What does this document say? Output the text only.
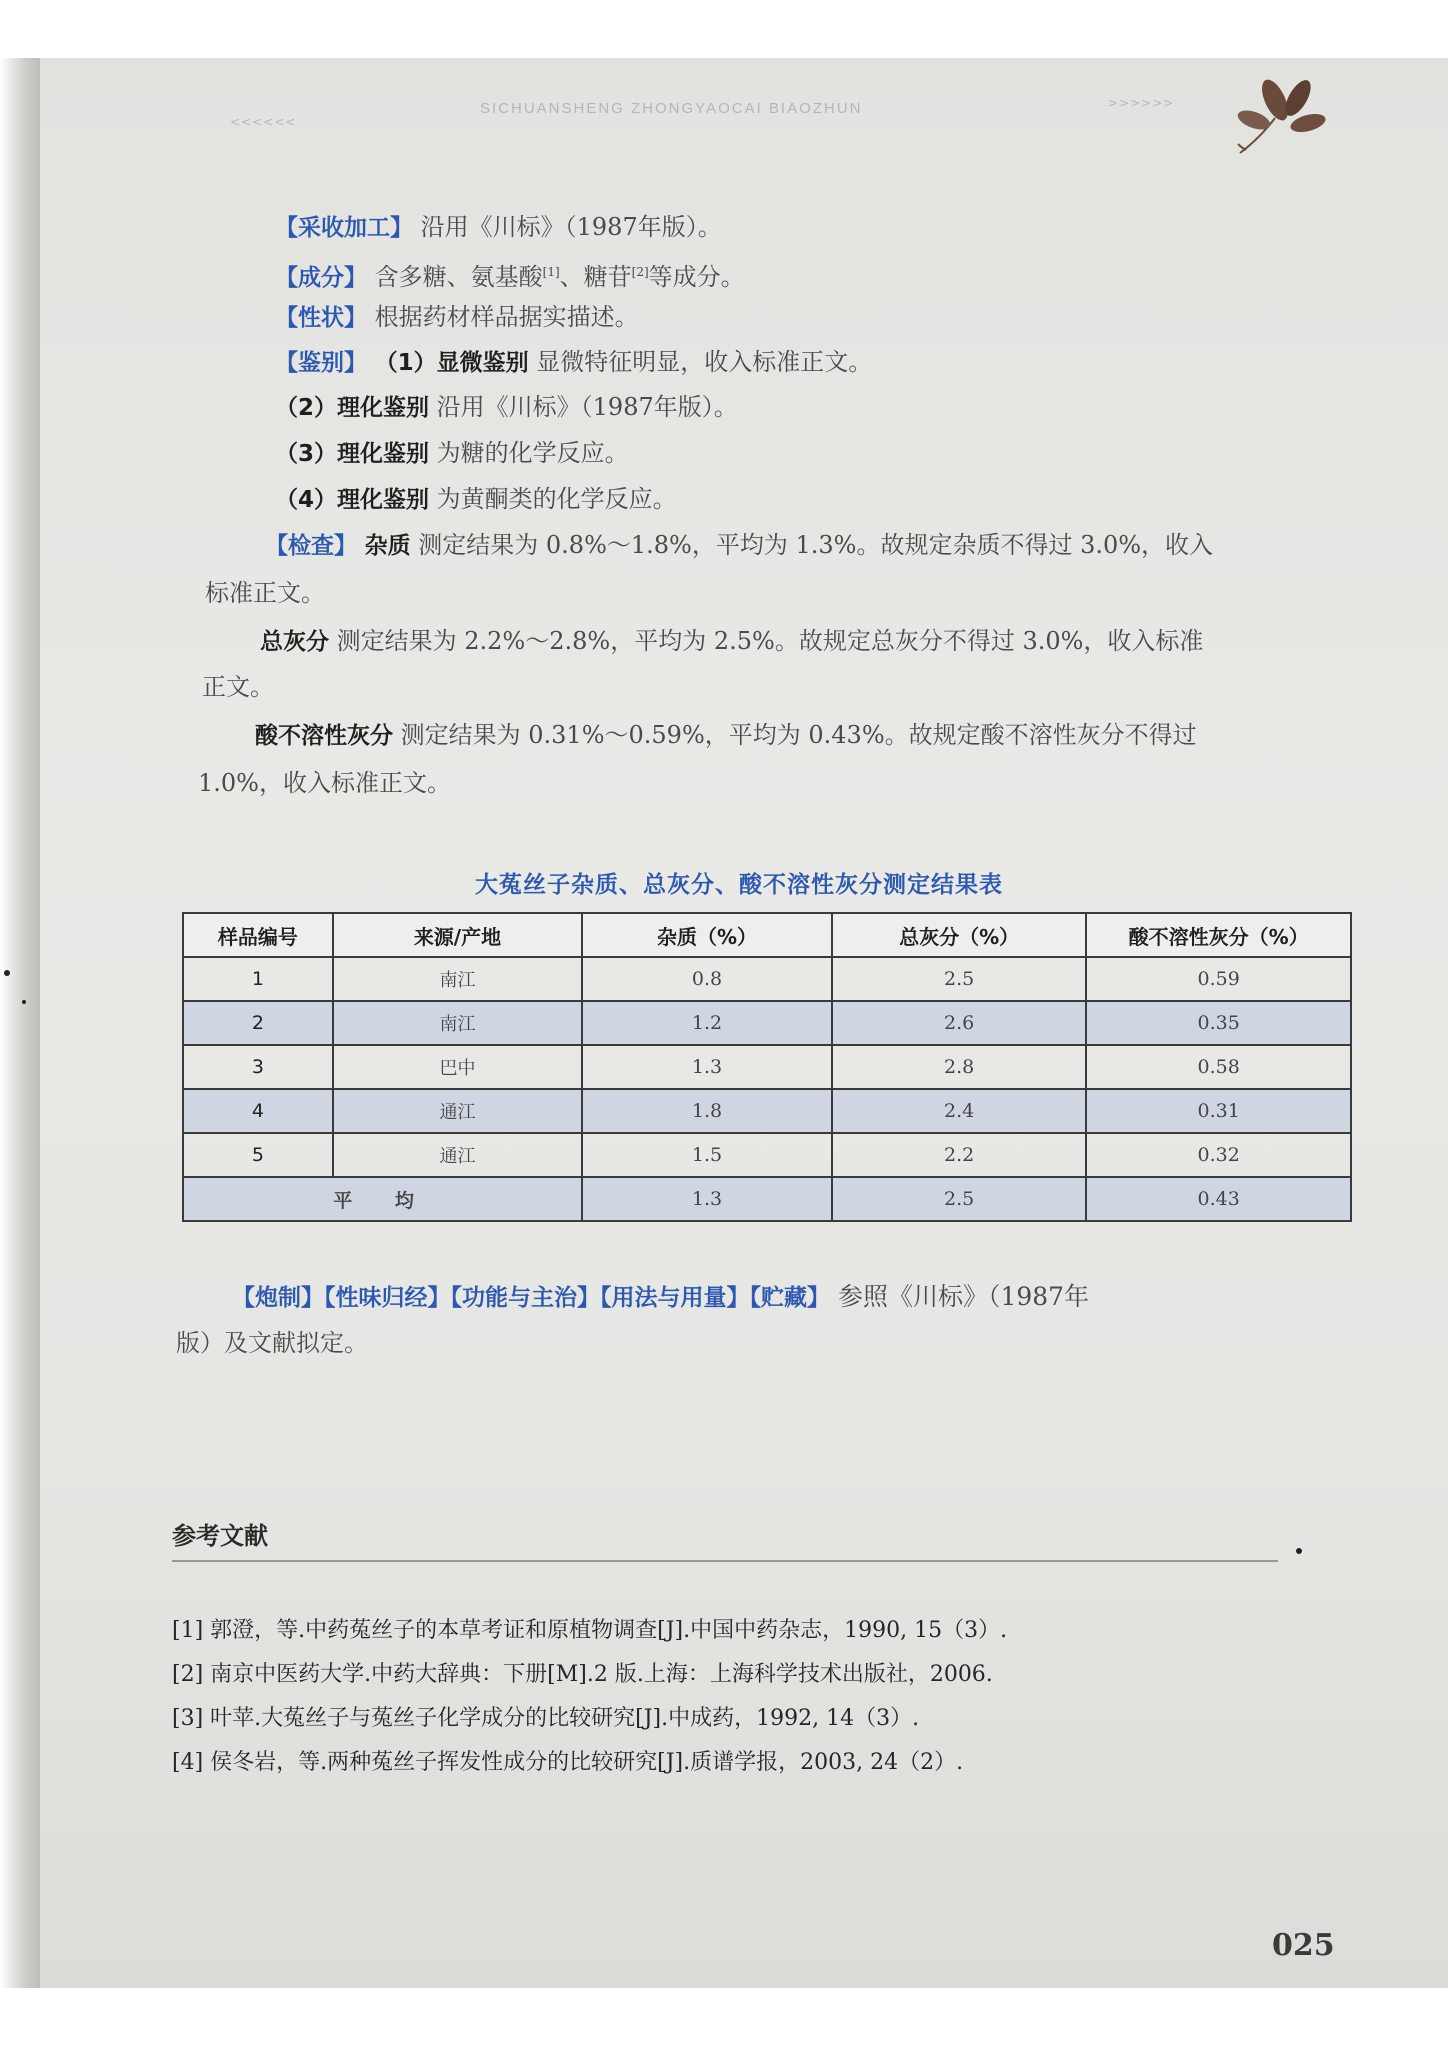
<<<<<<
SICHUANSHENG ZHONGYAOCAI BIAOZHUN	>>>>>>
【采收加工】 沿用《川标》（1987年版）。
【成分】 含多糖、氨基酸[1]、糖苷[2]等成分。
【性状】 根据药材样品据实描述。
【鉴别】 （1）显微鉴别 显微特征明显，收入标准正文。
（2）理化鉴别 沿用《川标》（1987年版）。
（3）理化鉴别 为糖的化学反应。
（4）理化鉴别 为黄酮类的化学反应。
【检查】 杂质 测定结果为 0.8%～1.8%，平均为 1.3%。故规定杂质不得过 3.0%，收入
标准正文。
总灰分 测定结果为 2.2%～2.8%，平均为 2.5%。故规定总灰分不得过 3.0%，收入标准
正文。
酸不溶性灰分 测定结果为 0.31%～0.59%，平均为 0.43%。故规定酸不溶性灰分不得过
1.0%，收入标准正文。
大菟丝子杂质、总灰分、酸不溶性灰分测定结果表
样品编号	来源/产地	杂质（%）	总灰分（%）	酸不溶性灰分（%）
1	南江	0.8	2.5	0.59
2	南江	1.2	2.6	0.35
3	巴中	1.3	2.8	0.58
4	通江	1.8	2.4	0.31
5	通江	1.5	2.2	0.32
平 均		1.3	2.5	0.43
【炮制】【性味归经】【功能与主治】【用法与用量】【贮藏】 参照《川标》（1987年
版）及文献拟定。
参考文献
[1] 郭澄，等.中药菟丝子的本草考证和原植物调查[J].中国中药杂志，1990, 15（3）.
[2] 南京中医药大学.中药大辞典：下册[M].2 版.上海：上海科学技术出版社，2006.
[3] 叶苹.大菟丝子与菟丝子化学成分的比较研究[J].中成药，1992, 14（3）.
[4] 侯冬岩，等.两种菟丝子挥发性成分的比较研究[J].质谱学报，2003, 24（2）.
025
